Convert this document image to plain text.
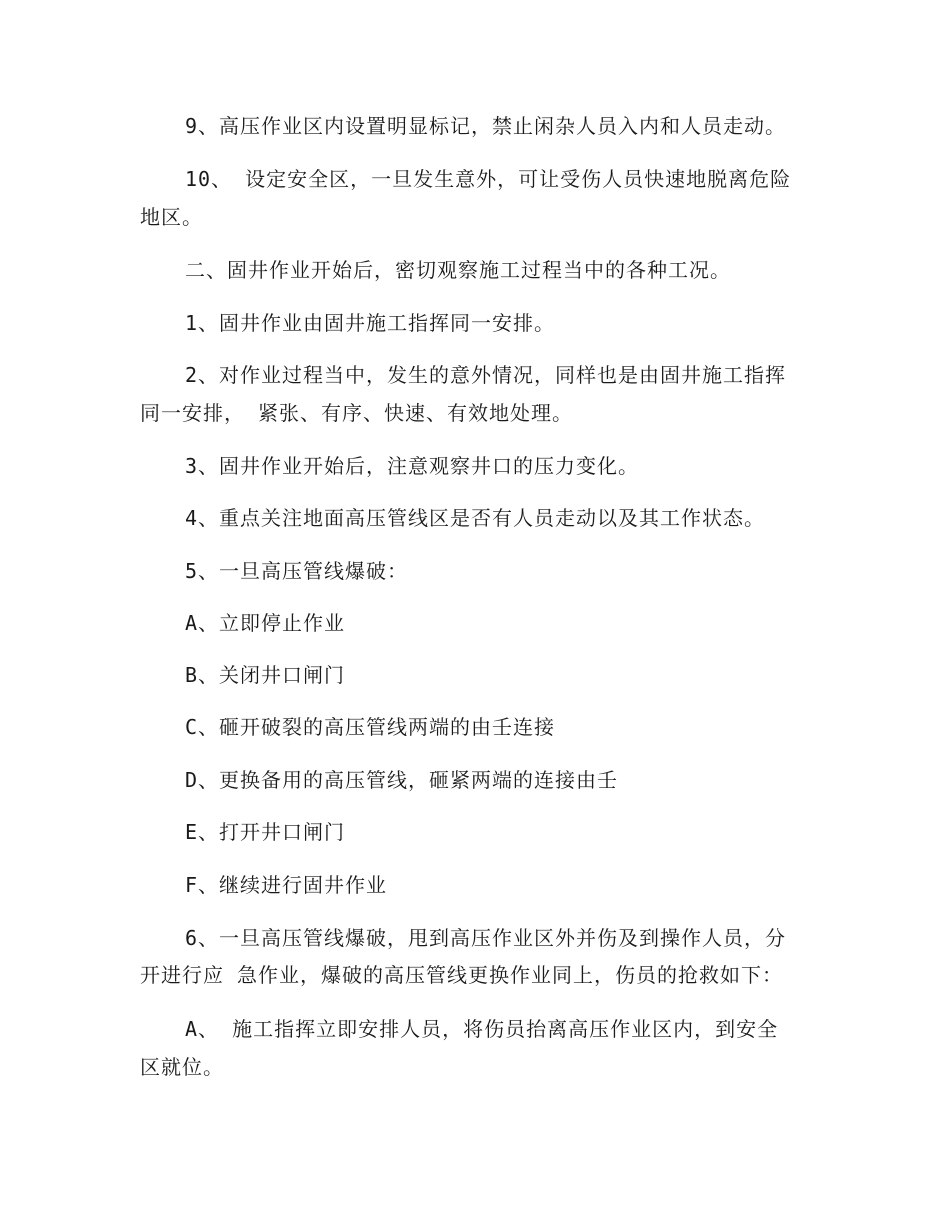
9、高压作业区内设置明显标记，禁止闲杂人员入内和人员走动。

10、 设定安全区，一旦发生意外，可让受伤人员快速地脱离危险

地区。

二、固井作业开始后，密切观察施工过程当中的各种工况。

1、固井作业由固井施工指挥同一安排。

2、对作业过程当中，发生的意外情况，同样也是由固井施工指挥

同一安排， 紧张、有序、快速、有效地处理。

3、固井作业开始后，注意观察井口的压力变化。

4、重点关注地面高压管线区是否有人员走动以及其工作状态。

5、一旦高压管线爆破：

A、立即停止作业

B、关闭井口闸门

C、砸开破裂的高压管线两端的由壬连接

D、更换备用的高压管线，砸紧两端的连接由壬

E、打开井口闸门

F、继续进行固井作业

6、一旦高压管线爆破，甩到高压作业区外并伤及到操作人员，分

开进行应 急作业，爆破的高压管线更换作业同上，伤员的抢救如下：

A、 施工指挥立即安排人员，将伤员抬离高压作业区内，到安全

区就位。
